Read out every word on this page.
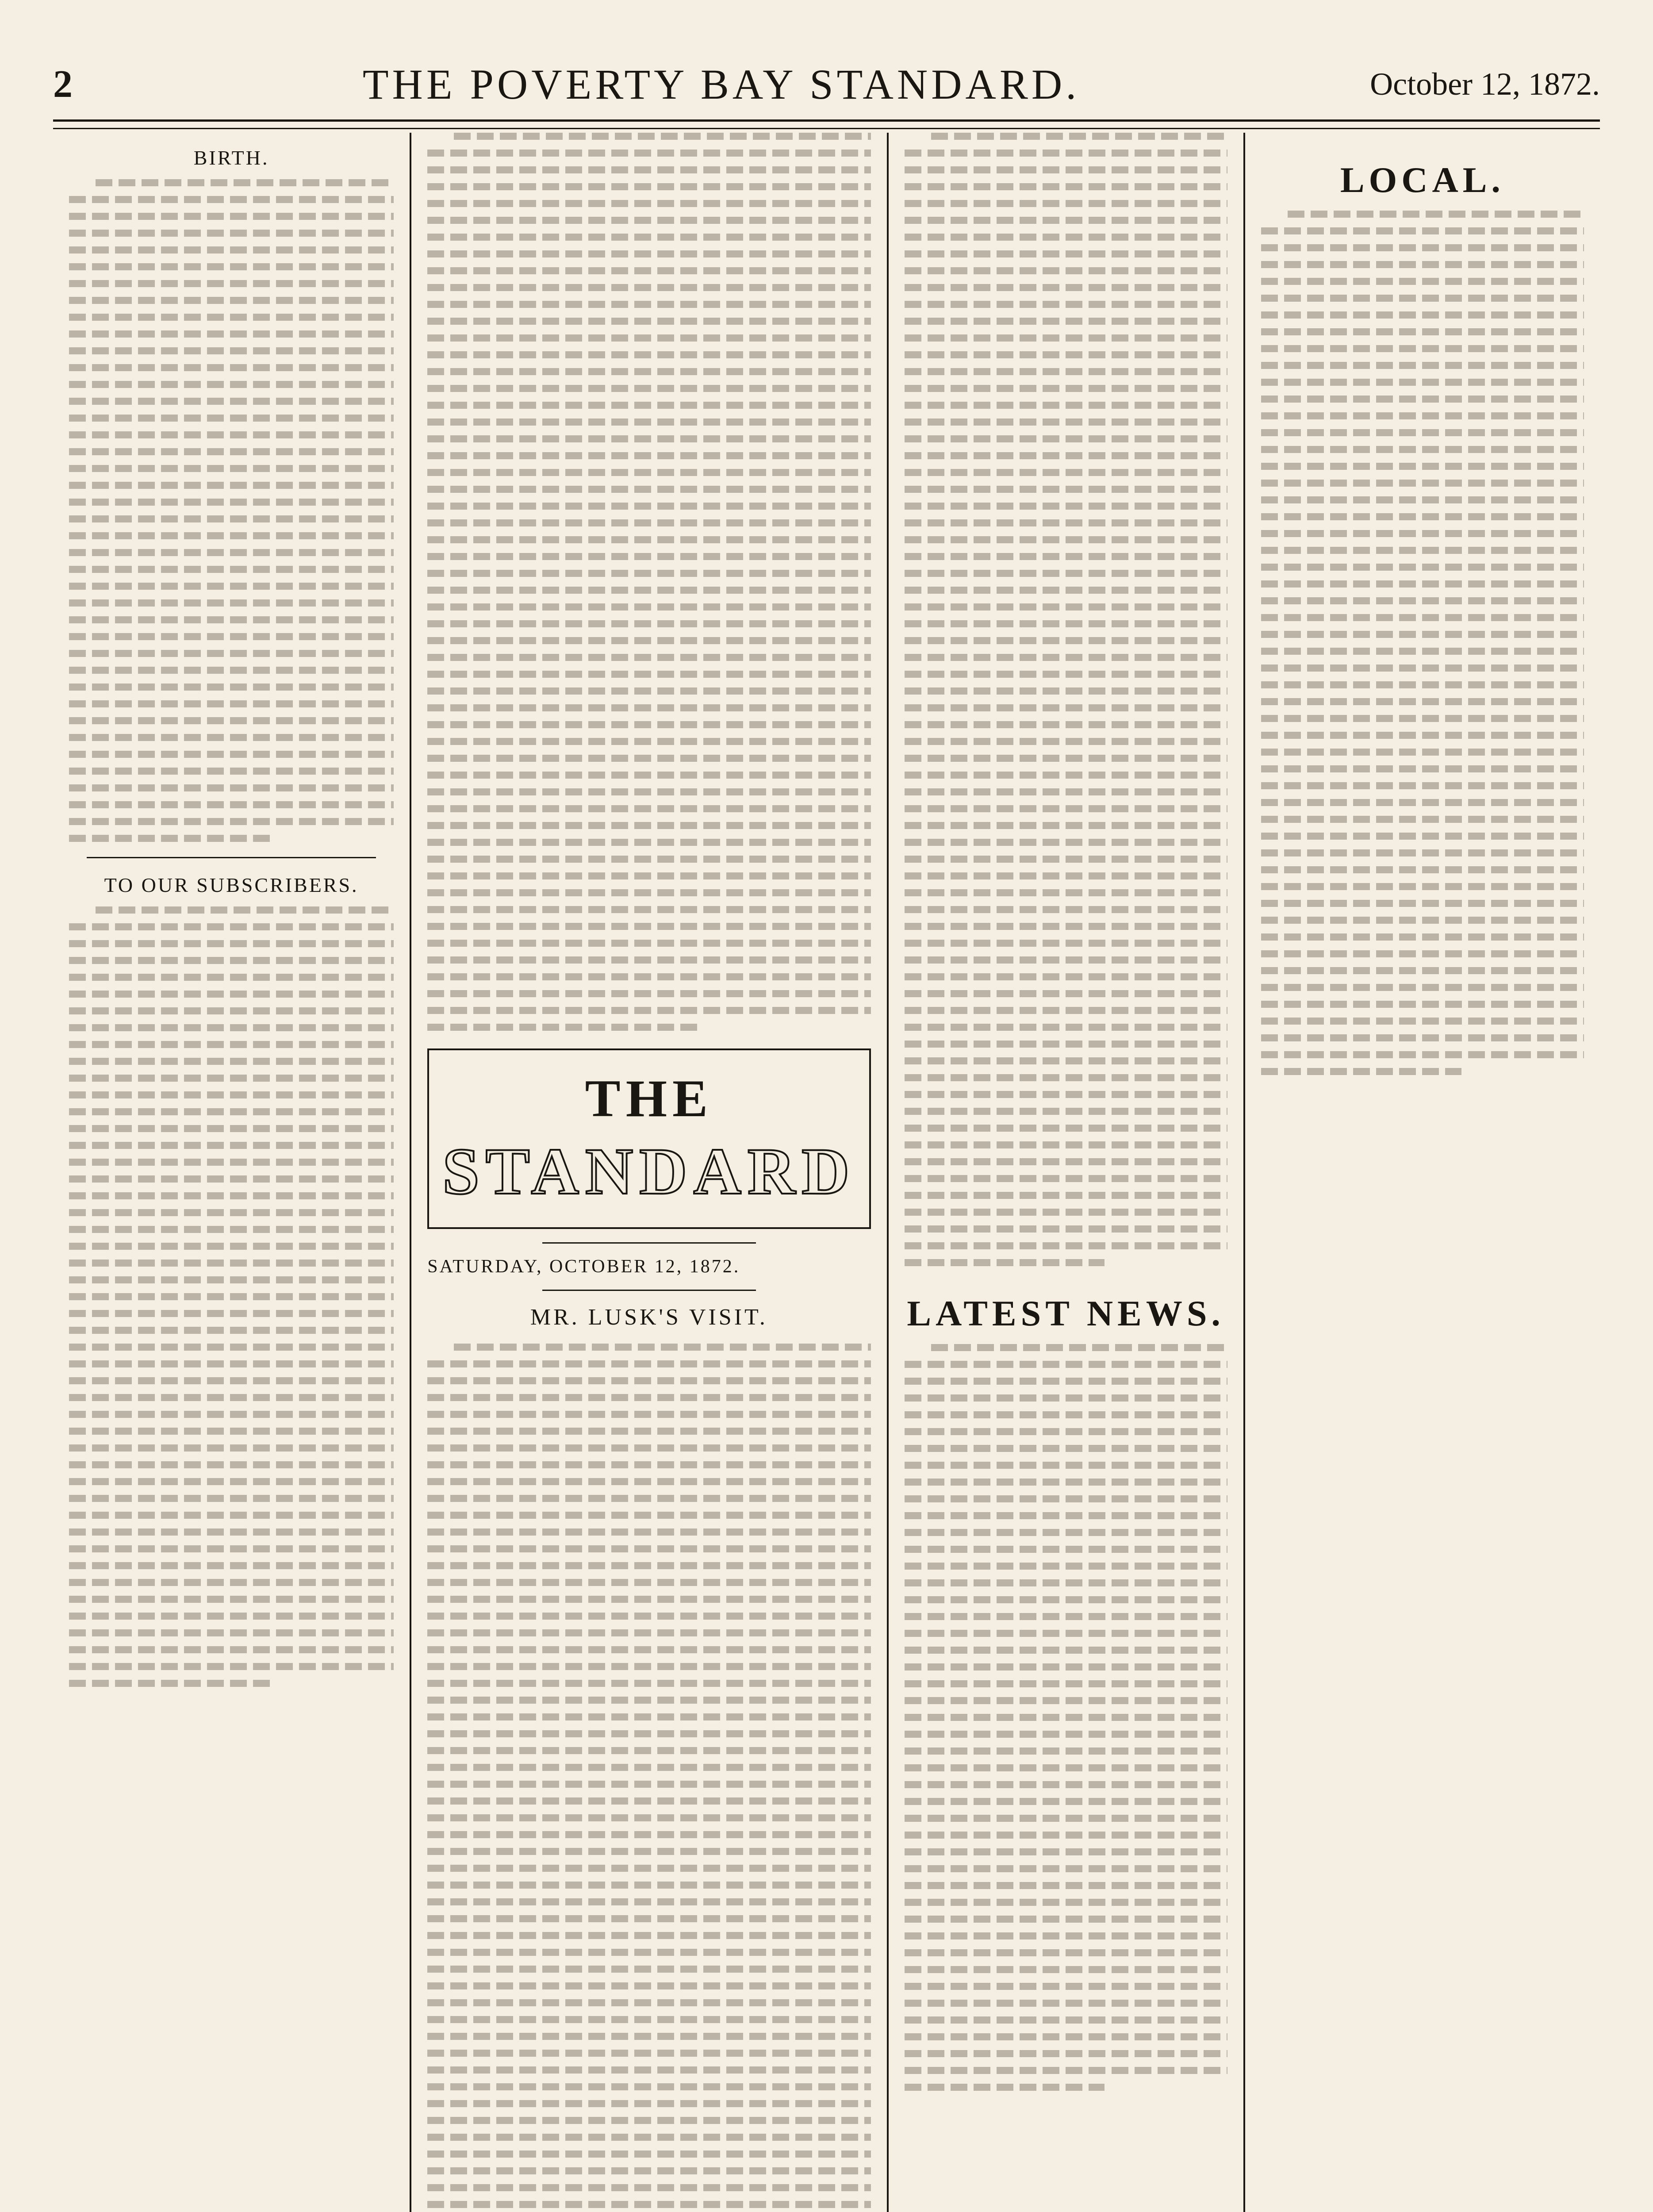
2	THE POVERTY BAY STANDARD.	October 12, 1872.
BIRTH.
TO OUR SUBSCRIBERS.
THE
STANDARD
SATURDAY, OCTOBER 12, 1872.
MR. LUSK'S VISIT.	LATEST NEWS.
LOCAL.
